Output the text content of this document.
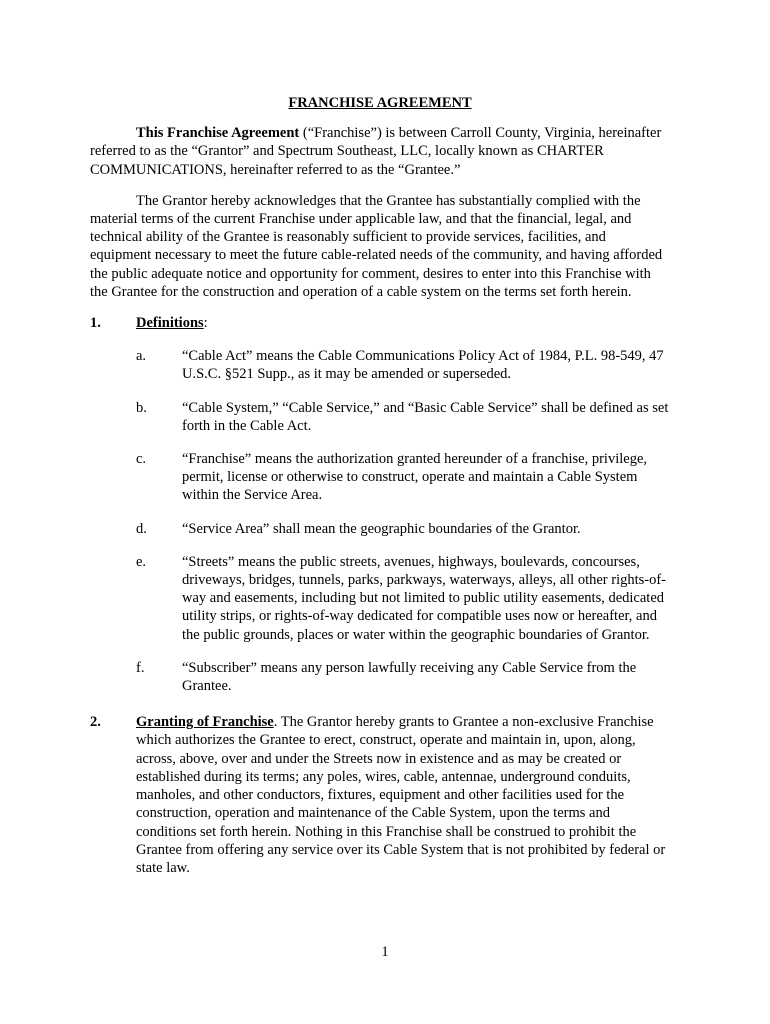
FRANCHISE AGREEMENT

This Franchise Agreement (“Franchise”) is between Carroll County, Virginia, hereinafter referred to as the “Grantor” and Spectrum Southeast, LLC, locally known as CHARTER COMMUNICATIONS, hereinafter referred to as the “Grantee.”

The Grantor hereby acknowledges that the Grantee has substantially complied with the material terms of the current Franchise under applicable law, and that the financial, legal, and technical ability of the Grantee is reasonably sufficient to provide services, facilities, and equipment necessary to meet the future cable-related needs of the community, and having afforded the public adequate notice and opportunity for comment, desires to enter into this Franchise with the Grantee for the construction and operation of a cable system on the terms set forth herein.

1. Definitions:
a. “Cable Act” means the Cable Communications Policy Act of 1984, P.L. 98-549, 47 U.S.C. §521 Supp., as it may be amended or superseded.
b. “Cable System,” “Cable Service,” and “Basic Cable Service” shall be defined as set forth in the Cable Act.
c. “Franchise” means the authorization granted hereunder of a franchise, privilege, permit, license or otherwise to construct, operate and maintain a Cable System within the Service Area.
d. “Service Area” shall mean the geographic boundaries of the Grantor.
e. “Streets” means the public streets, avenues, highways, boulevards, concourses, driveways, bridges, tunnels, parks, parkways, waterways, alleys, all other rights-of-way and easements, including but not limited to public utility easements, dedicated utility strips, or rights-of-way dedicated for compatible uses now or hereafter, and the public grounds, places or water within the geographic boundaries of Grantor.
f.	“Subscriber” means any person lawfully receiving any Cable Service from the Grantee.
2. Granting of Franchise. The Grantor hereby grants to Grantee a non-exclusive Franchise which authorizes the Grantee to erect, construct, operate and maintain in, upon, along, across, above, over and under the Streets now in existence and as may be created or established during its terms; any poles, wires, cable, antennae, underground conduits, manholes, and other conductors, fixtures, equipment and other facilities used for the construction, operation and maintenance of the Cable System, upon the terms and conditions set forth herein. Nothing in this Franchise shall be construed to prohibit the Grantee from offering any service over its Cable System that is not prohibited by federal or state law.
1
